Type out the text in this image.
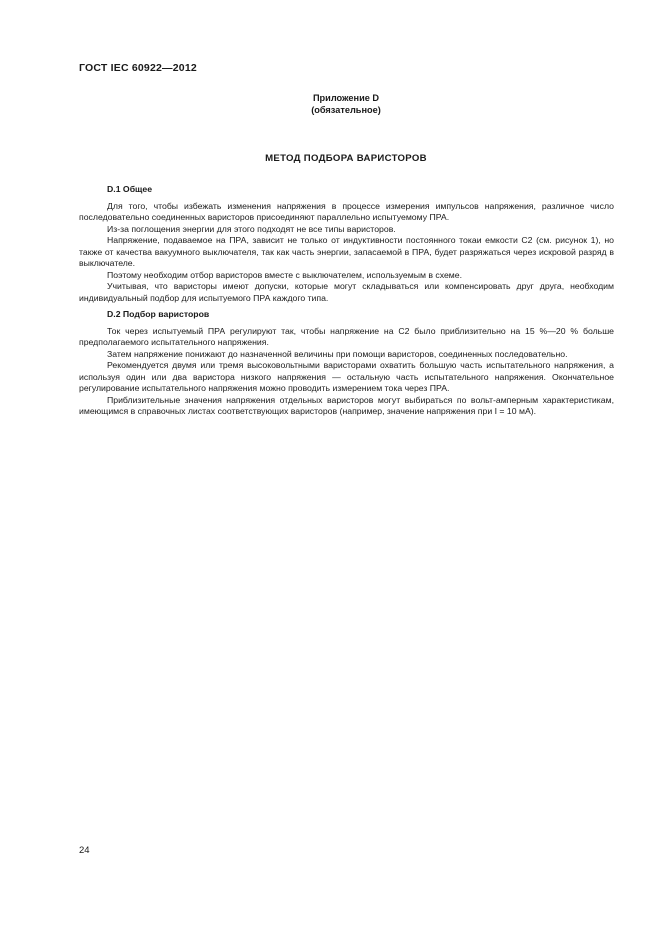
ГОСТ IEC 60922—2012
Приложение D
(обязательное)
МЕТОД ПОДБОРА ВАРИСТОРОВ
D.1 Общее

Для того, чтобы избежать изменения напряжения в процессе измерения импульсов напряжения, различное число последовательно соединенных варисторов присоединяют параллельно испытуемому ПРА.

Из-за поглощения энергии для этого подходят не все типы варисторов.

Напряжение, подаваемое на ПРА, зависит не только от индуктивности постоянного токаи емкости C2 (см. рисунок 1), но также от качества вакуумного выключателя, так как часть энергии, запасаемой в ПРА, будет разряжаться через искровой разряд в выключателе.

Поэтому необходим отбор варисторов вместе с выключателем, используемым в схеме.

Учитывая, что варисторы имеют допуски, которые могут складываться или компенсировать друг друга, необходим индивидуальный подбор для испытуемого ПРА каждого типа.

D.2 Подбор варисторов

Ток через испытуемый ПРА регулируют так, чтобы напряжение на C2 было приблизительно на 15 %—20 % больше предполагаемого испытательного напряжения.

Затем напряжение понижают до назначенной величины при помощи варисторов, соединенных последовательно.

Рекомендуется двумя или тремя высоковольтными варисторами охватить большую часть испытательного напряжения, а используя один или два варистора низкого напряжения — остальную часть испытательного напряжения. Окончательное регулирование испытательного напряжения можно проводить измерением тока через ПРА.

Приблизительные значения напряжения отдельных варисторов могут выбираться по вольт-амперным характеристикам, имеющимся в справочных листах соответствующих варисторов (например, значение напряжения при I = 10 мА).

24
